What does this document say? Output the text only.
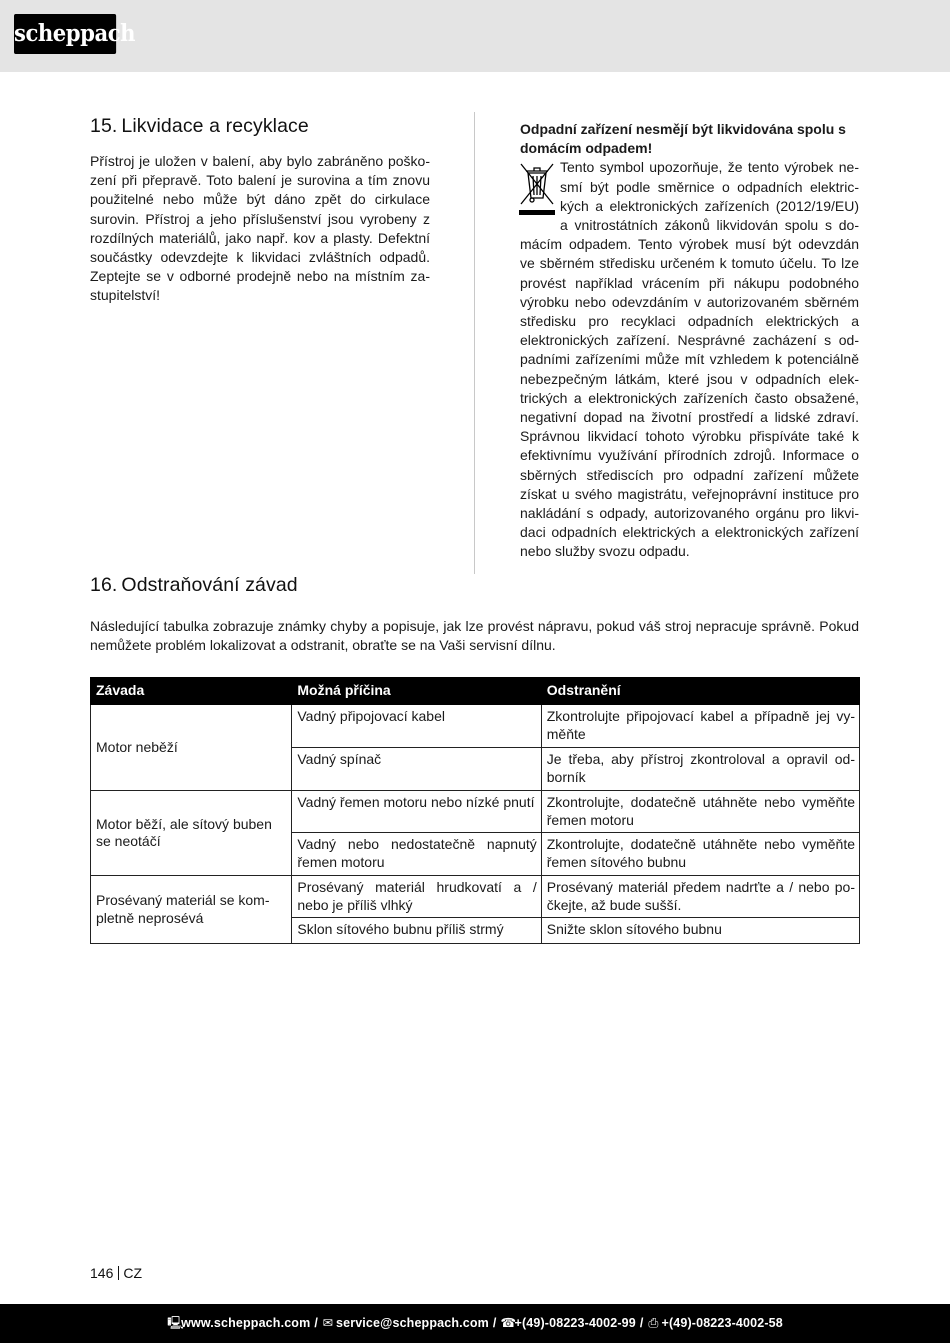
scheppach
15. Likvidace a recyklace

Přístroj je uložen v balení, aby bylo zabráněno poškození při přepravě. Toto balení je surovina a tím znovu použitelné nebo může být dáno zpět do cirkulace surovin. Přístroj a jeho příslušenství jsou vyrobeny z rozdílných materiálů, jako např. kov a plasty. Defektní součástky odevzdejte k likvidaci zvláštních odpadů. Zeptejte se v odborné prodejně nebo na místním zastupitelství!

Odpadní zařízení nesmějí být likvidována spolu s domácím odpadem!

Tento symbol upozorňuje, že tento výrobek nesmí být podle směrnice o odpadních elektrických a elektronických zařízeních (2012/19/EU) a vnitrostátních zákonů likvidován spolu s domácím odpadem. Tento výrobek musí být odevzdán ve sběrném středisku určeném k tomuto účelu. To lze provést například vrácením při nákupu podobného výrobku nebo odevzdáním v autorizovaném sběrném středisku pro recyklaci odpadních elektrických a elektronických zařízení. Nesprávné zacházení s odpadními zařízeními může mít vzhledem k potenciálně nebezpečným látkám, které jsou v odpadních elektrických a elektronických zařízeních často obsažené, negativní dopad na životní prostředí a lidské zdraví. Správnou likvidací tohoto výrobku přispíváte také k efektivnímu využívání přírodních zdrojů. Informace o sběrných střediscích pro odpadní zařízení můžete získat u svého magistrátu, veřejnoprávní instituce pro nakládání s odpady, autorizovaného orgánu pro likvidaci odpadních elektrických a elektronických zařízení nebo služby svozu odpadu.

16. Odstraňování závad

Následující tabulka zobrazuje známky chyby a popisuje, jak lze provést nápravu, pokud váš stroj nepracuje správně. Pokud nemůžete problém lokalizovat a odstranit, obraťte se na Vaši servisní dílnu.

Závada	Možná příčina	Odstranění
Motor neběží	Vadný připojovací kabel	Zkontrolujte připojovací kabel a případně jej vyměňte
	Vadný spínač	Je třeba, aby přístroj zkontroloval a opravil odborník
Motor běží, ale sítový buben se neotáčí	Vadný řemen motoru nebo nízké pnutí	Zkontrolujte, dodatečně utáhněte nebo vyměňte řemen motoru
	Vadný nebo nedostatečně napnutý řemen motoru	Zkontrolujte, dodatečně utáhněte nebo vyměňte řemen sítového bubnu
Prosévaný materiál se kompletně neprosévá	Prosévaný materiál hrudkovatí a / nebo je příliš vlhký	Prosévaný materiál předem nadrťte a / nebo počkejte, až bude sušší.
	Sklon sítového bubnu příliš strmý	Snižte sklon sítového bubnu
146 CZ
🖳www.scheppach.com / ✉ service@scheppach.com / ☎+(49)-08223-4002-99 / ⎙ +(49)-08223-4002-58
